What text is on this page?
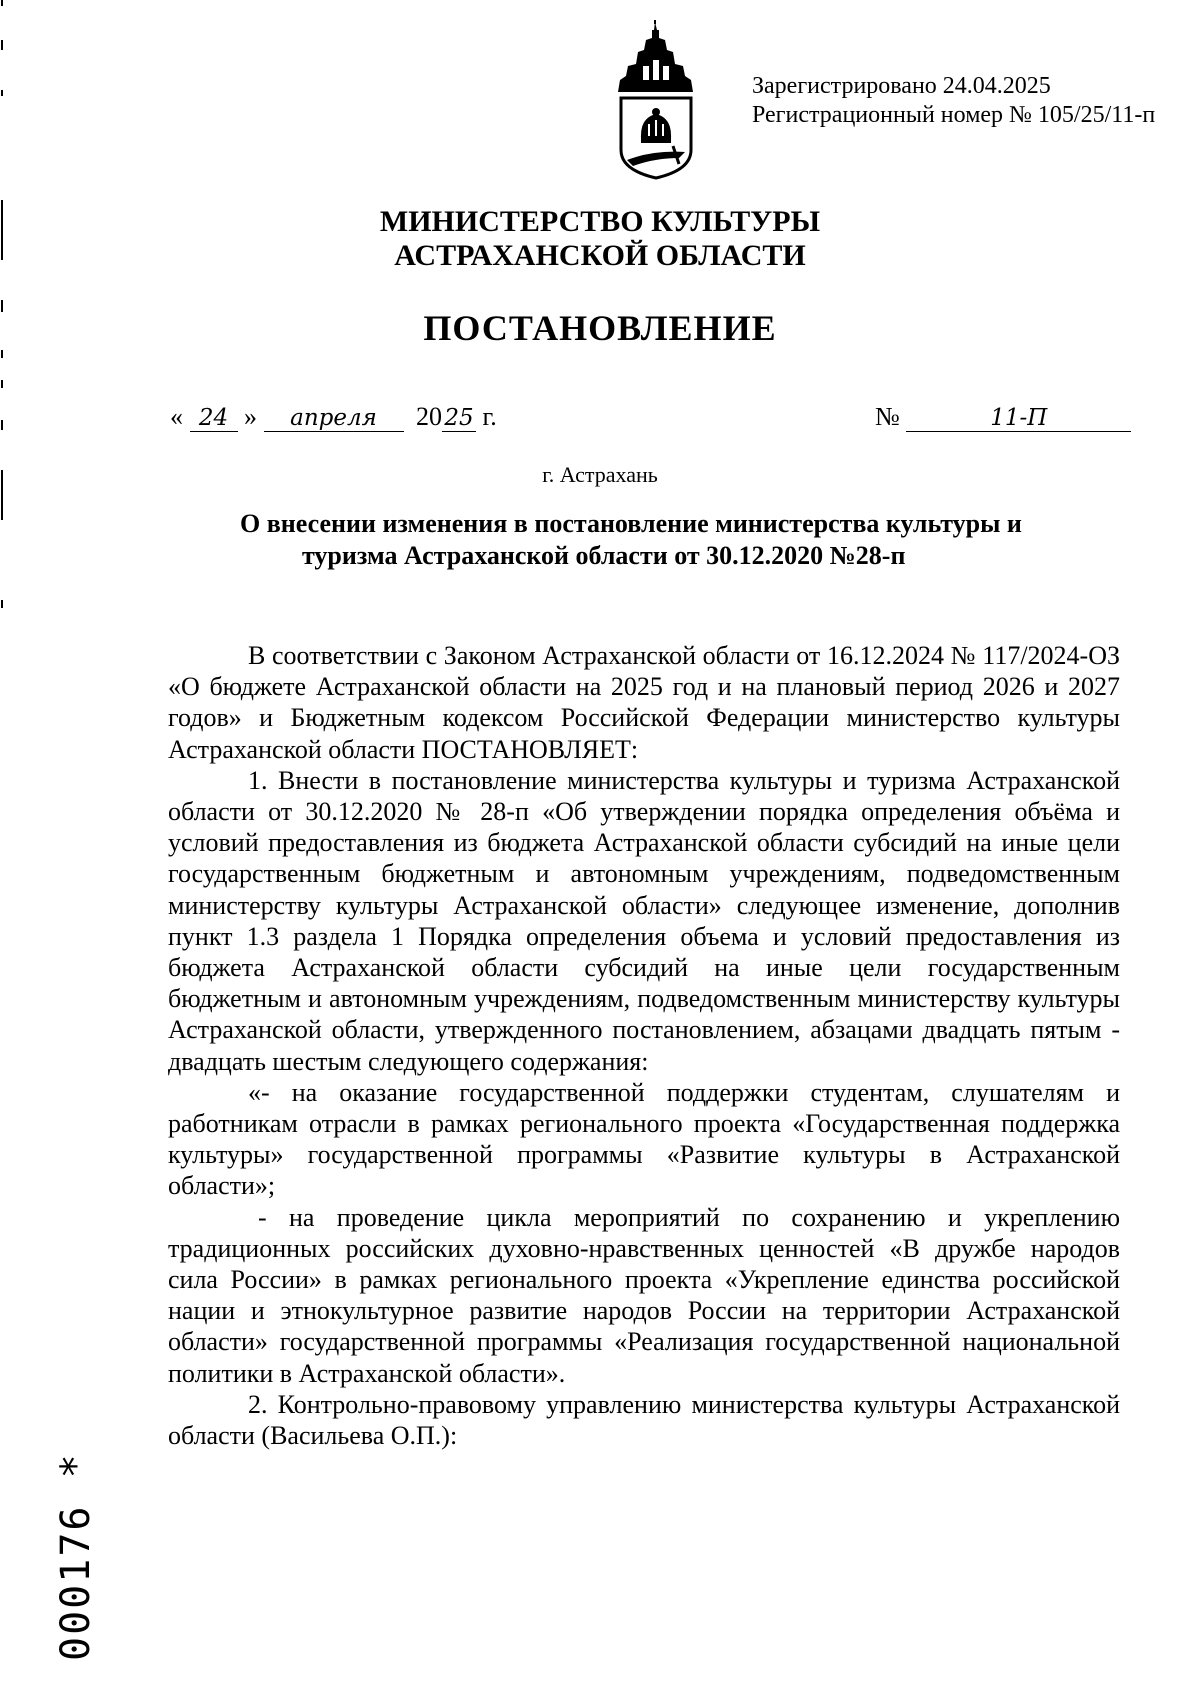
Зарегистрировано 24.04.2025
Регистрационный номер № 105/25/11-п
МИНИСТЕРСТВО КУЛЬТУРЫ
АСТРАХАНСКОЙ ОБЛАСТИ
ПОСТАНОВЛЕНИЕ
« 24 » апреля 20 25 г.	№	11-П
г. Астрахань
О внесении изменения в постановление министерства культуры и
туризма Астраханской области от 30.12.2020 №28-п

В соответствии с Законом Астраханской области от 16.12.2024 № 117/2024-ОЗ «О бюджете Астраханской области на 2025 год и на плановый период 2026 и 2027 годов» и Бюджетным кодексом Российской Федерации министерство культуры Астраханской области ПОСТАНОВЛЯЕТ:

1. Внести в постановление министерства культуры и туризма Астраханской области от 30.12.2020 № 28-п «Об утверждении порядка определения объёма и условий предоставления из бюджета Астраханской области субсидий на иные цели государственным бюджетным и автономным учреждениям, подведомственным министерству культуры Астраханской области» следующее изменение, дополнив пункт 1.3 раздела 1 Порядка определения объема и условий предоставления из бюджета Астраханской области субсидий на иные цели государственным бюджетным и автономным учреждениям, подведомственным министерству культуры Астраханской области, утвержденного постановлением, абзацами двадцать пятым - двадцать шестым следующего содержания:

«- на оказание государственной поддержки студентам, слушателям и работникам отрасли в рамках регионального проекта «Государственная поддержка культуры» государственной программы «Развитие культуры в Астраханской области»;

- на проведение цикла мероприятий по сохранению и укреплению традиционных российских духовно-нравственных ценностей «В дружбе народов сила России» в рамках регионального проекта «Укрепление единства российской нации и этнокультурное развитие народов России на территории Астраханской области» государственной программы «Реализация государственной национальной политики в Астраханской области».

2. Контрольно-правовому управлению министерства культуры Астраханской области (Васильева О.П.):

000176 *
